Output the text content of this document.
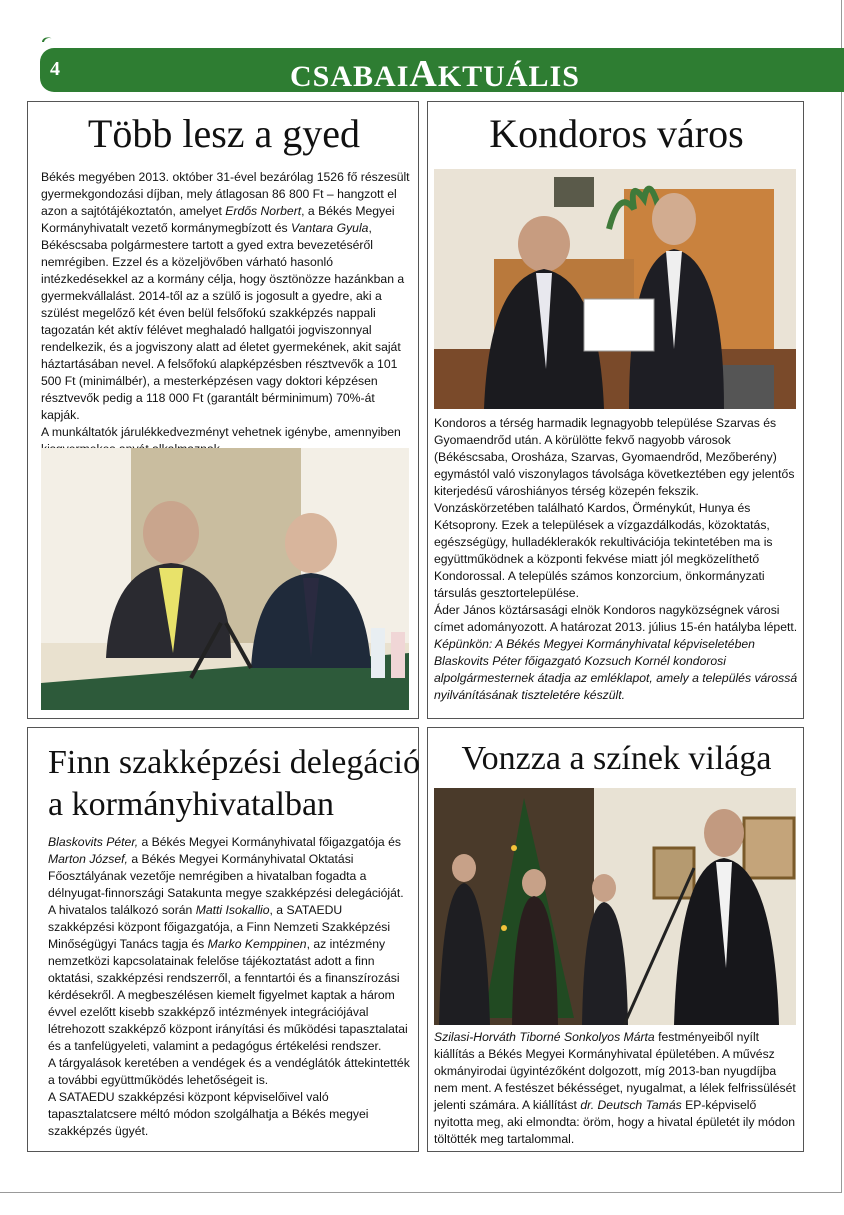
4	CSABAIAKTUÁLIS
Több lesz a gyed

Békés megyében 2013. október 31-ével bezárólag 1526 fő részesült gyermekgondozási díjban, mely átlagosan 86 800 Ft – hangzott el azon a sajtótájékoztatón, amelyet Erdős Norbert, a Békés Megyei Kormányhivatalt vezető kormánymegbízott és Vantara Gyula, Békéscsaba polgármestere tartott a gyed extra bevezetéséről nemrégiben. Ezzel és a közeljövőben várható hasonló intézkedésekkel az a kormány célja, hogy ösztönözze hazánkban a gyermekvállalást. 2014-től az a szülő is jogosult a gyedre, aki a szülést megelőző két éven belül felsőfokú szakképzés nappali tagozatán két aktív félévet meghaladó hallgatói jogviszonnyal rendelkezik, és a jogviszony alatt ad életet gyermekének, akit saját háztartásában nevel. A felsőfokú alapképzésben résztvevők a 101 500 Ft (minimálbér), a mesterképzésen vagy doktori képzésen résztvevők pedig a 118 000 Ft (garantált bérminimum) 70%-át kapják.

A munkáltatók járulékkedvezményt vehetnek igénybe, amennyiben

Kondoros város

Kondoros a térség harmadik legnagyobb települése Szarvas és Gyomaendrőd után. A körülötte fekvő nagyobb városok (Békéscsaba, Orosháza, Szarvas, Gyomaendrőd, Mezőberény) egymástól való viszonylagos távolsága következtében egy jelentős kiterjedésű városhiányos térség közepén fekszik. Vonzáskörzetében található Kardos, Örménykút, Hunya és Kétsoprony. Ezek a települések a vízgazdálkodás, közoktatás, egészségügy, hulladéklerakók rekultivációja tekintetében ma is együttműködnek a központi fekvése miatt jól megközelíthető Kondorossal. A település számos konzorcium, önkormányzati társulás gesztortelepülése.

Áder János köztársasági elnök Kondoros nagyközségnek városi címet adományozott. A határozat 2013. július 15-én hatályba lépett. Képünkön: A Békés Megyei Kormányhivatal képviseletében Blaskovits Péter főigazgató Kozsuch Kornél kondorosi alpolgármesternek átadja az emléklapot, amely a település várossá nyilvánításának tiszteletére készült.

Finn szakképzési delegáció
a kormányhivatalban

Blaskovits Péter, a Békés Megyei Kormányhivatal főigazgatója és Marton József, a Békés Megyei Kormányhivatal Oktatási Főosztályának vezetője nemrégiben a hivatalban fogadta a délnyugat-finnországi Satakunta megye szakképzési delegációját. A hivatalos találkozó során Matti Isokallio, a SATAEDU szakképzési központ főigazgatója, a Finn Nemzeti Szakképzési Minőségügyi Tanács tagja és Marko Kemppinen, az intézmény nemzetközi kapcsolatainak felelőse tájékoztatást adott a finn oktatási, szakképzési rendszerről, a fenntartói és a finanszírozási kérdésekről. A megbeszélésen kiemelt figyelmet kaptak a három évvel ezelőtt kisebb szakképző intézmények integrációjával létrehozott szakképző központ irányítási és működési tapasztalatai és a tanfelügyeleti, valamint a pedagógus értékelési rendszer.

A tárgyalások keretében a vendégek és a vendéglátók áttekintették a további együttműködés lehetőségeit is.

A SATAEDU szakképzési központ képviselőivel való tapasztalatcsere méltó módon szolgálhatja a Békés megyei szakképzés ügyét.

Vonzza a színek világa

Szilasi-Horváth Tiborné Sonkolyos Márta festményeiből nyílt kiállítás a Békés Megyei Kormányhivatal épületében. A művész okmányirodai ügyintézőként dolgozott, míg 2013-ban nyugdíjba nem ment. A festészet békésséget, nyugalmat, a lélek felfrissülését jelenti számára. A kiállítást dr. Deutsch Tamás EP-képviselő nyitotta meg, aki elmondta: öröm, hogy a hivatal épületét ily módon töltötték meg tartalommal.
